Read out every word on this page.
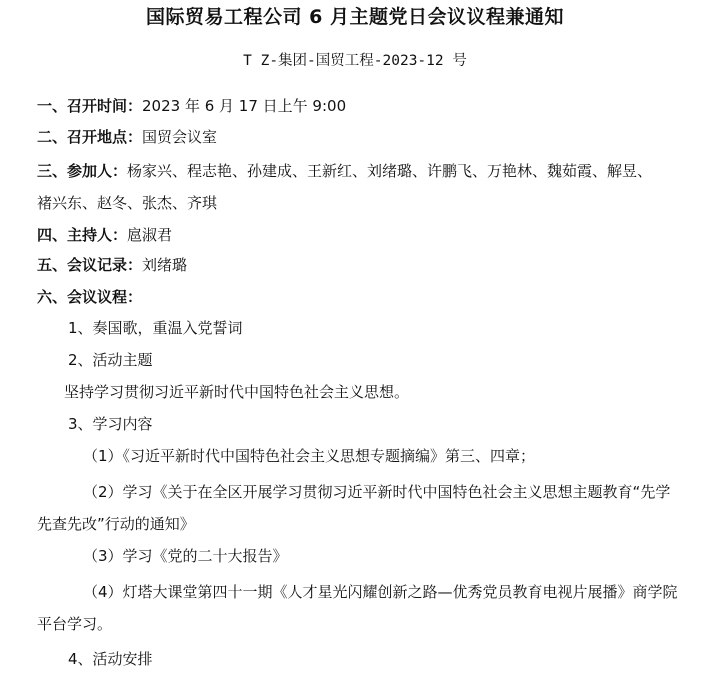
国际贸易工程公司 6 月主题党日会议议程兼通知
T Z-集团-国贸工程-2023-12 号
一、召开时间：2023 年 6 月 17 日上午 9:00
二、召开地点：国贸会议室
三、参加人：杨家兴、程志艳、孙建成、王新红、刘绪璐、许鹏飞、万艳林、魏茹霞、解昱、
褚兴东、赵冬、张杰、齐琪
四、主持人：扈淑君
五、会议记录：刘绪璐
六、会议议程：
1、奏国歌，重温入党誓词
2、活动主题
坚持学习贯彻习近平新时代中国特色社会主义思想。
3、学习内容
（1）《习近平新时代中国特色社会主义思想专题摘编》第三、四章；
（2）学习《关于在全区开展学习贯彻习近平新时代中国特色社会主义思想主题教育“先学先查先改”行动的通知》
（3）学习《党的二十大报告》
（4）灯塔大课堂第四十一期《人才星光闪耀创新之路—优秀党员教育电视片展播》商学院平台学习。
4、活动安排
